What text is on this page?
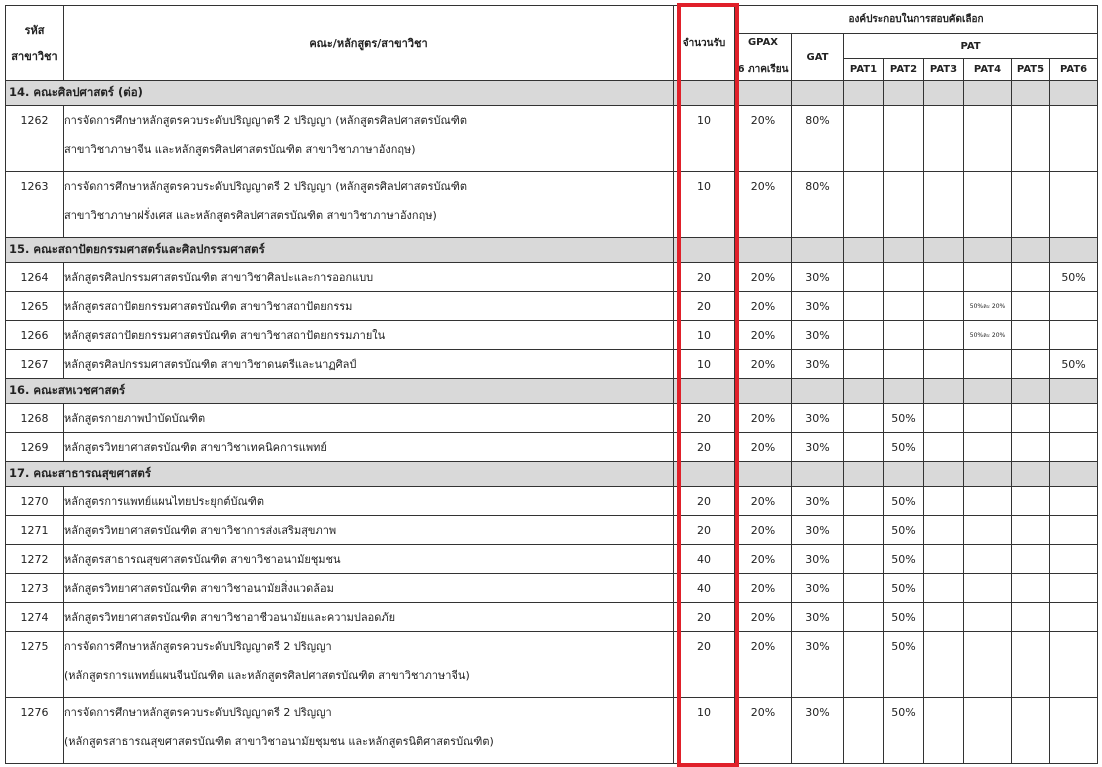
รหัส
สาขาวิชา	คณะ/หลักสูตร/สาขาวิชา	จำนวนรับ	องค์ประกอบในการสอบคัดเลือก							

			GPAX
6 ภาคเรียน	GAT	PAT					
					PAT1	PAT2	PAT3	PAT4	PAT5	PAT6
14. คณะศิลปศาสตร์ (ต่อ)										
1262	การจัดการศึกษาหลักสูตรควบระดับปริญญาตรี 2 ปริญญา (หลักสูตรศิลปศาสตรบัณฑิต
สาขาวิชาภาษาจีน และหลักสูตรศิลปศาสตรบัณฑิต สาขาวิชาภาษาอังกฤษ)	10	20%	80%						
1263	การจัดการศึกษาหลักสูตรควบระดับปริญญาตรี 2 ปริญญา (หลักสูตรศิลปศาสตรบัณฑิต
สาขาวิชาภาษาฝรั่งเศส และหลักสูตรศิลปศาสตรบัณฑิต สาขาวิชาภาษาอังกฤษ)	10	20%	80%						
15. คณะสถาปัตยกรรมศาสตร์และศิลปกรรมศาสตร์										
1264	หลักสูตรศิลปกรรมศาสตรบัณฑิต สาขาวิชาศิลปะและการออกแบบ	20	20%	30%						50%
1265	หลักสูตรสถาปัตยกรรมศาสตรบัณฑิต สาขาวิชาสถาปัตยกรรม	20	20%	30%				50%ละ 20%		
1266	หลักสูตรสถาปัตยกรรมศาสตรบัณฑิต สาขาวิชาสถาปัตยกรรมภายใน	10	20%	30%				50%ละ 20%		
1267	หลักสูตรศิลปกรรมศาสตรบัณฑิต สาขาวิชาดนตรีและนาฏศิลป์	10	20%	30%						50%
16. คณะสหเวชศาสตร์										
1268	หลักสูตรกายภาพบำบัดบัณฑิต	20	20%	30%		50%				
1269	หลักสูตรวิทยาศาสตรบัณฑิต สาขาวิชาเทคนิคการแพทย์	20	20%	30%		50%				
17. คณะสาธารณสุขศาสตร์										
1270	หลักสูตรการแพทย์แผนไทยประยุกต์บัณฑิต	20	20%	30%		50%				
1271	หลักสูตรวิทยาศาสตรบัณฑิต สาขาวิชาการส่งเสริมสุขภาพ	20	20%	30%		50%				
1272	หลักสูตรสาธารณสุขศาสตรบัณฑิต สาขาวิชาอนามัยชุมชน	40	20%	30%		50%				
1273	หลักสูตรวิทยาศาสตรบัณฑิต สาขาวิชาอนามัยสิ่งแวดล้อม	40	20%	30%		50%				
1274	หลักสูตรวิทยาศาสตรบัณฑิต สาขาวิชาอาชีวอนามัยและความปลอดภัย	20	20%	30%		50%				
1275	การจัดการศึกษาหลักสูตรควบระดับปริญญาตรี 2 ปริญญา
(หลักสูตรการแพทย์แผนจีนบัณฑิต และหลักสูตรศิลปศาสตรบัณฑิต สาขาวิชาภาษาจีน)	20	20%	30%		50%				
1276	การจัดการศึกษาหลักสูตรควบระดับปริญญาตรี 2 ปริญญา
(หลักสูตรสาธารณสุขศาสตรบัณฑิต สาขาวิชาอนามัยชุมชน และหลักสูตรนิติศาสตรบัณฑิต)	10	20%	30%		50%				
